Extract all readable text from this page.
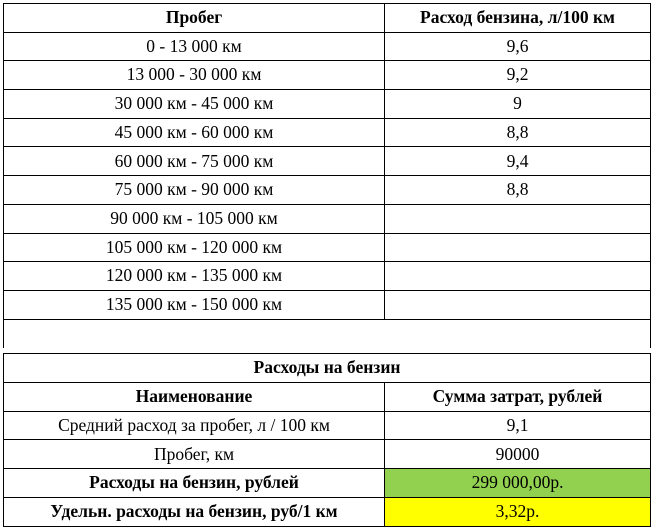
Пробег	Расход бензина, л/100 км
0 - 13 000 км	9,6
13 000 - 30 000 км	9,2
30 000 км - 45 000 км	9
45 000 км - 60 000 км	8,8
60 000 км - 75 000 км	9,4
75 000 км - 90 000 км	8,8
90 000 км - 105 000 км	
105 000 км - 120 000 км	
120 000 км - 135 000 км	
135 000 км - 150 000 км	

Расходы на бензин	
Наименование	Сумма затрат, рублей
Средний расход за пробег, л / 100 км	9,1
Пробег, км	90000
Расходы на бензин, рублей	299 000,00р.
Удельн. расходы на бензин, руб/1 км	3,32р.
